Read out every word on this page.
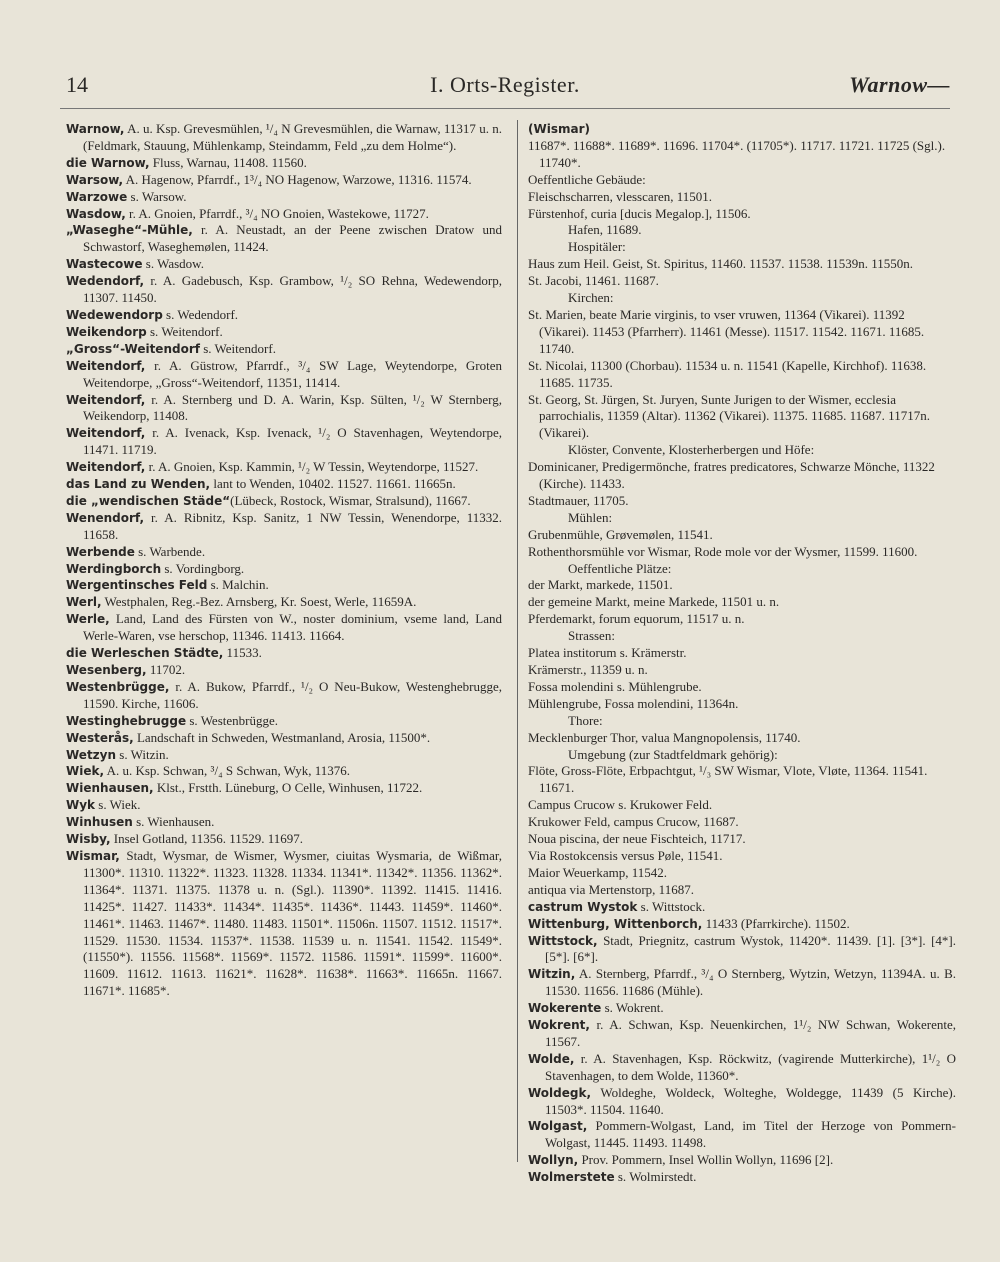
14	I. Orts-Register.	Warnow—

Warnow, A. u. Ksp. Grevesmühlen, ¹/₄ N Grevesmühlen, die Warnaw, 11317 u. n. (Feldmark, Stauung, Mühlenkamp, Steindamm, Feld „zu dem Holme“).

die Warnow, Fluss, Warnau, 11408. 11560.

Warsow, A. Hagenow, Pfarrdf., 1³/₄ NO Hagenow, Warzowe, 11316. 11574.

Warzowe s. Warsow.

Wasdow, r. A. Gnoien, Pfarrdf., ³/₄ NO Gnoien, Wastekowe, 11727.

„Waseghe“-Mühle, r. A. Neustadt, an der Peene zwischen Dratow und Schwastorf, Waseghemølen, 11424.

Wastecowe s. Wasdow.

Wedendorf, r. A. Gadebusch, Ksp. Grambow, ¹/₂ SO Rehna, Wedewendorp, 11307. 11450.

Wedewendorp s. Wedendorf.

Weikendorp s. Weitendorf.

„Gross“-Weitendorf s. Weitendorf.

Weitendorf, r. A. Güstrow, Pfarrdf., ³/₄ SW Lage, Weytendorpe, Groten Weitendorpe, „Gross“-Weitendorf, 11351, 11414.

Weitendorf, r. A. Sternberg und D. A. Warin, Ksp. Sülten, ¹/₂ W Sternberg, Weikendorp, 11408.

Weitendorf, r. A. Ivenack, Ksp. Ivenack, ¹/₂ O Stavenhagen, Weytendorpe, 11471. 11719.

Weitendorf, r. A. Gnoien, Ksp. Kammin, ¹/₂ W Tessin, Weytendorpe, 11527.

das Land zu Wenden, lant to Wenden, 10402. 11527. 11661. 11665n.

die „wendischen Städe“(Lübeck, Rostock, Wismar, Stralsund), 11667.

Wenendorf, r. A. Ribnitz, Ksp. Sanitz, 1 NW Tessin, Wenendorpe, 11332. 11658.

Werbende s. Warbende.

Werdingborch s. Vordingborg.

Wergentinsches Feld s. Malchin.

Werl, Westphalen, Reg.-Bez. Arnsberg, Kr. Soest, Werle, 11659A.

Werle, Land, Land des Fürsten von W., noster dominium, vseme land, Land Werle-Waren, vse herschop, 11346. 11413. 11664.

die Werleschen Städte, 11533.

Wesenberg, 11702.

Westenbrügge, r. A. Bukow, Pfarrdf., ¹/₂ O Neu-Bukow, Westenghebrugge, 11590. Kirche, 11606.

Westinghebrugge s. Westenbrügge.

Westerås, Landschaft in Schweden, Westmanland, Arosia, 11500*.

Wetzyn s. Witzin.

Wiek, A. u. Ksp. Schwan, ³/₄ S Schwan, Wyk, 11376.

Wienhausen, Klst., Frstth. Lüneburg, O Celle, Winhusen, 11722.

Wyk s. Wiek.

Winhusen s. Wienhausen.

Wisby, Insel Gotland, 11356. 11529. 11697.

Wismar, Stadt, Wysmar, de Wismer, Wysmer, ciuitas Wysmaria, de Wißmar, 11300*. 11310. 11322*. 11323. 11328. 11334. 11341*. 11342*. 11356. 11362*. 11364*. 11371. 11375. 11378 u. n. (Sgl.). 11390*. 11392. 11415. 11416. 11425*. 11427. 11433*. 11434*. 11435*. 11436*. 11443. 11459*. 11460*. 11461*. 11463. 11467*. 11480. 11483. 11501*. 11506n. 11507. 11512. 11517*. 11529. 11530. 11534. 11537*. 11538. 11539 u. n. 11541. 11542. 11549*. (11550*). 11556. 11568*. 11569*. 11572. 11586. 11591*. 11599*. 11600*. 11609. 11612. 11613. 11621*. 11628*. 11638*. 11663*. 11665n. 11667. 11671*. 11685*.

(Wismar)

11687*. 11688*. 11689*. 11696. 11704*. (11705*). 11717. 11721. 11725 (Sgl.). 11740*.

Oeffentliche Gebäude:

Fleischscharren, vlesscaren, 11501.

Fürstenhof, curia [ducis Megalop.], 11506.

Hafen, 11689.

Hospitäler:

Haus zum Heil. Geist, St. Spiritus, 11460. 11537. 11538. 11539n. 11550n.

St. Jacobi, 11461. 11687.

Kirchen:

St. Marien, beate Marie virginis, to vser vruwen, 11364 (Vikarei). 11392 (Vikarei). 11453 (Pfarrherr). 11461 (Messe). 11517. 11542. 11671. 11685. 11740.

St. Nicolai, 11300 (Chorbau). 11534 u. n. 11541 (Kapelle, Kirchhof). 11638. 11685. 11735.

St. Georg, St. Jürgen, St. Juryen, Sunte Jurigen to der Wismer, ecclesia parrochialis, 11359 (Altar). 11362 (Vikarei). 11375. 11685. 11687. 11717n. (Vikarei).

Klöster, Convente, Klosterherbergen und Höfe:

Dominicaner, Predigermönche, fratres predicatores, Schwarze Mönche, 11322 (Kirche). 11433.

Stadtmauer, 11705.

Mühlen:

Grubenmühle, Grøvemølen, 11541.

Rothenthorsmühle vor Wismar, Rode mole vor der Wysmer, 11599. 11600.

Oeffentliche Plätze:

der Markt, markede, 11501.

der gemeine Markt, meine Markede, 11501 u. n.

Pferdemarkt, forum equorum, 11517 u. n.

Strassen:

Platea institorum s. Krämerstr.

Krämerstr., 11359 u. n.

Fossa molendini s. Mühlengrube.

Mühlengrube, Fossa molendini, 11364n.

Thore:

Mecklenburger Thor, valua Mangnopolensis, 11740.

Umgebung (zur Stadtfeldmark gehörig):

Flöte, Gross-Flöte, Erbpachtgut, ¹/₃ SW Wismar, Vlote, Vløte, 11364. 11541. 11671.

Campus Crucow s. Krukower Feld.

Krukower Feld, campus Crucow, 11687.

Noua piscina, der neue Fischteich, 11717.

Via Rostokcensis versus Pøle, 11541.

Maior Weuerkamp, 11542.

antiqua via Mertenstorp, 11687.

castrum Wystok s. Wittstock.

Wittenburg, Wittenborch, 11433 (Pfarrkirche). 11502.

Wittstock, Stadt, Priegnitz, castrum Wystok, 11420*. 11439. [1]. [3*]. [4*]. [5*]. [6*].

Witzin, A. Sternberg, Pfarrdf., ³/₄ O Sternberg, Wytzin, Wetzyn, 11394A. u. B. 11530. 11656. 11686 (Mühle).

Wokerente s. Wokrent.

Wokrent, r. A. Schwan, Ksp. Neuenkirchen, 1¹/₂ NW Schwan, Wokerente, 11567.

Wolde, r. A. Stavenhagen, Ksp. Röckwitz, (vagirende Mutterkirche), 1¹/₂ O Stavenhagen, to dem Wolde, 11360*.

Woldegk, Woldeghe, Woldeck, Wolteghe, Woldegge, 11439 (5 Kirche). 11503*. 11504. 11640.

Wolgast, Pommern-Wolgast, Land, im Titel der Herzoge von Pommern-Wolgast, 11445. 11493. 11498.

Wollyn, Prov. Pommern, Insel Wollin Wollyn, 11696 [2].

Wolmerstete s. Wolmirstedt.
